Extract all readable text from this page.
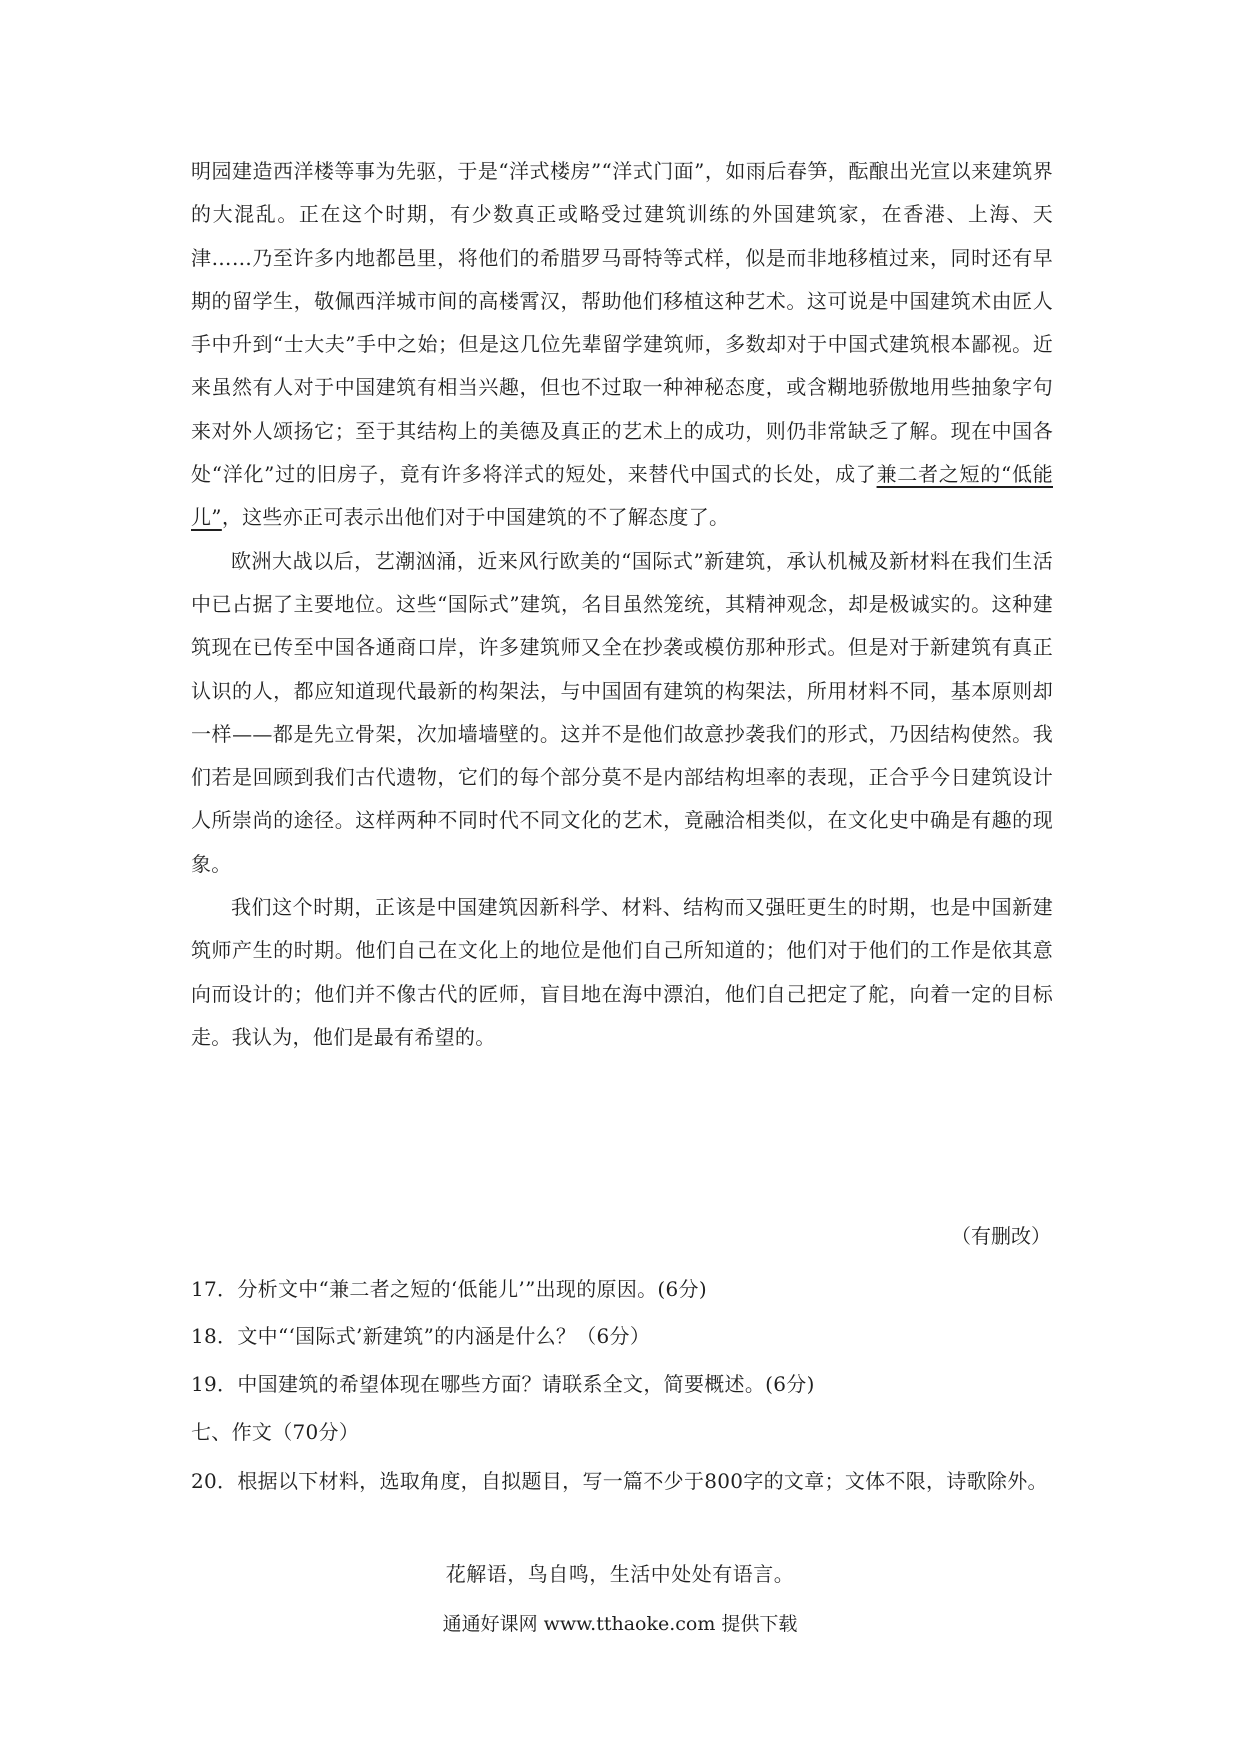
明园建造西洋楼等事为先驱，于是“洋式楼房”“洋式门面”，如雨后春笋，酝酿出光宣以来建筑界的大混乱。正在这个时期，有少数真正或略受过建筑训练的外国建筑家，在香港、上海、天津……乃至许多内地都邑里，将他们的希腊罗马哥特等式样，似是而非地移植过来，同时还有早期的留学生，敬佩西洋城市间的高楼霄汉，帮助他们移植这种艺术。这可说是中国建筑术由匠人手中升到“士大夫”手中之始；但是这几位先辈留学建筑师，多数却对于中国式建筑根本鄙视。近来虽然有人对于中国建筑有相当兴趣，但也不过取一种神秘态度，或含糊地骄傲地用些抽象字句来对外人颂扬它；至于其结构上的美德及真正的艺术上的成功，则仍非常缺乏了解。现在中国各处“洋化”过的旧房子，竟有许多将洋式的短处，来替代中国式的长处，成了兼二者之短的“低能儿”，这些亦正可表示出他们对于中国建筑的不了解态度了。

欧洲大战以后，艺潮汹涌，近来风行欧美的“国际式”新建筑，承认机械及新材料在我们生活中已占据了主要地位。这些“国际式”建筑，名目虽然笼统，其精神观念，却是极诚实的。这种建筑现在已传至中国各通商口岸，许多建筑师又全在抄袭或模仿那种形式。但是对于新建筑有真正认识的人，都应知道现代最新的构架法，与中国固有建筑的构架法，所用材料不同，基本原则却一样——都是先立骨架，次加墙墙壁的。这并不是他们故意抄袭我们的形式，乃因结构使然。我们若是回顾到我们古代遗物，它们的每个部分莫不是内部结构坦率的表现，正合乎今日建筑设计人所崇尚的途径。这样两种不同时代不同文化的艺术，竟融洽相类似，在文化史中确是有趣的现象。

我们这个时期，正该是中国建筑因新科学、材料、结构而又强旺更生的时期，也是中国新建筑师产生的时期。他们自己在文化上的地位是他们自己所知道的；他们对于他们的工作是依其意向而设计的；他们并不像古代的匠师，盲目地在海中漂泊，他们自己把定了舵，向着一定的目标走。我认为，他们是最有希望的。

（有删改）
17．分析文中“兼二者之短的‘低能儿’”出现的原因。(6分)
18．文中“‘国际式’新建筑”的内涵是什么？（6分）
19．中国建筑的希望体现在哪些方面？请联系全文，简要概述。(6分)
七、作文（70分）

20．根据以下材料，选取角度，自拟题目，写一篇不少于800字的文章；文体不限，诗歌除外。

花解语，鸟自鸣，生活中处处有语言。
通通好课网 www.tthaoke.com 提供下载
